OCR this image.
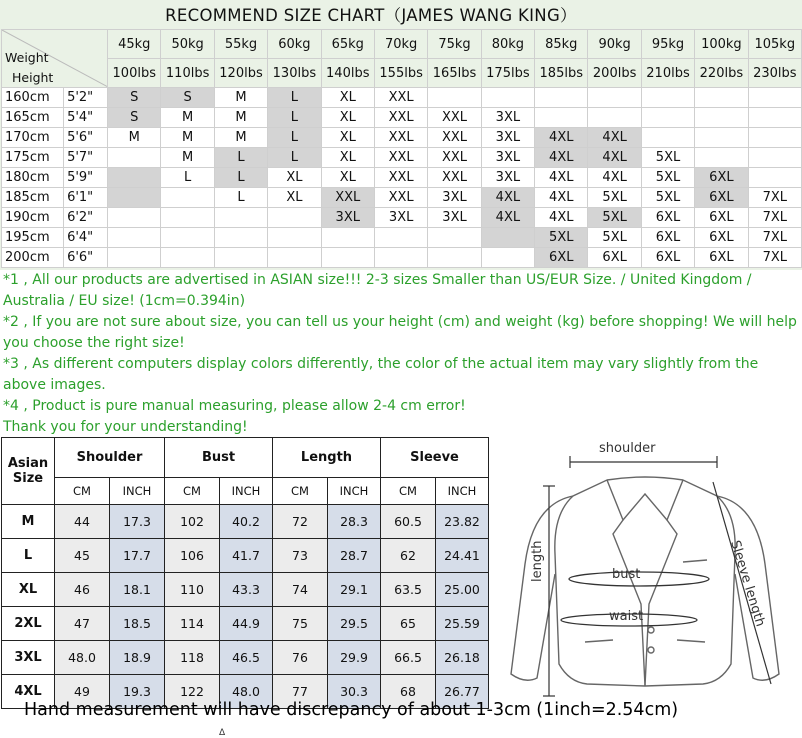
RECOMMEND SIZE CHART（JAMES WANG KING）
Weight
Height		45kg	50kg	55kg	60kg	65kg	70kg	75kg	80kg	85kg	90kg	95kg	100kg	105kg
		100lbs	110lbs	120lbs	130lbs	140lbs	155lbs	165lbs	175lbs	185lbs	200lbs	210lbs	220lbs	230lbs
160cm	5'2"	S	S	M	L	XL	XXL							
165cm	5'4"	S	M	M	L	XL	XXL	XXL	3XL					
170cm	5'6"	M	M	M	L	XL	XXL	XXL	3XL	4XL	4XL			
175cm	5'7"		M	L	L	XL	XXL	XXL	3XL	4XL	4XL	5XL		
180cm	5'9"		L	L	XL	XL	XXL	XXL	3XL	4XL	4XL	5XL	6XL	
185cm	6'1"			L	XL	XXL	XXL	3XL	4XL	4XL	5XL	5XL	6XL	7XL
190cm	6'2"					3XL	3XL	3XL	4XL	4XL	5XL	6XL	6XL	7XL
195cm	6'4"									5XL	5XL	6XL	6XL	7XL
200cm	6'6"									6XL	6XL	6XL	6XL	7XL

*1 , All our products are advertised in ASIAN size!!! 2-3 sizes Smaller than US/EUR Size. / United Kingdom / Australia / EU size! (1cm=0.394in)

*2 , If you are not sure about size, you can tell us your height (cm) and weight (kg) before shopping! We will help you choose the right size!

*3 , As different computers display colors differently, the color of the actual item may vary slightly from the above images.

*4 , Product is pure manual measuring, please allow 2-4 cm error!

Thank you for your understanding!

Asian Size	Shoulder		Bust		Length		Sleeve	
	CM	INCH	CM	INCH	CM	INCH	CM	INCH
M	44	17.3	102	40.2	72	28.3	60.5	23.82
L	45	17.7	106	41.7	73	28.7	62	24.41
XL	46	18.1	110	43.3	74	29.1	63.5	25.00
2XL	47	18.5	114	44.9	75	29.5	65	25.59
3XL	48.0	18.9	118	46.5	76	29.9	66.5	26.18
4XL	49	19.3	122	48.0	77	30.3	68	26.77
shoulder
length	Sleeve length
bust
waist
Hand measurement will have discrepancy of about 1-3cm (1inch=2.54cm)
Δ
